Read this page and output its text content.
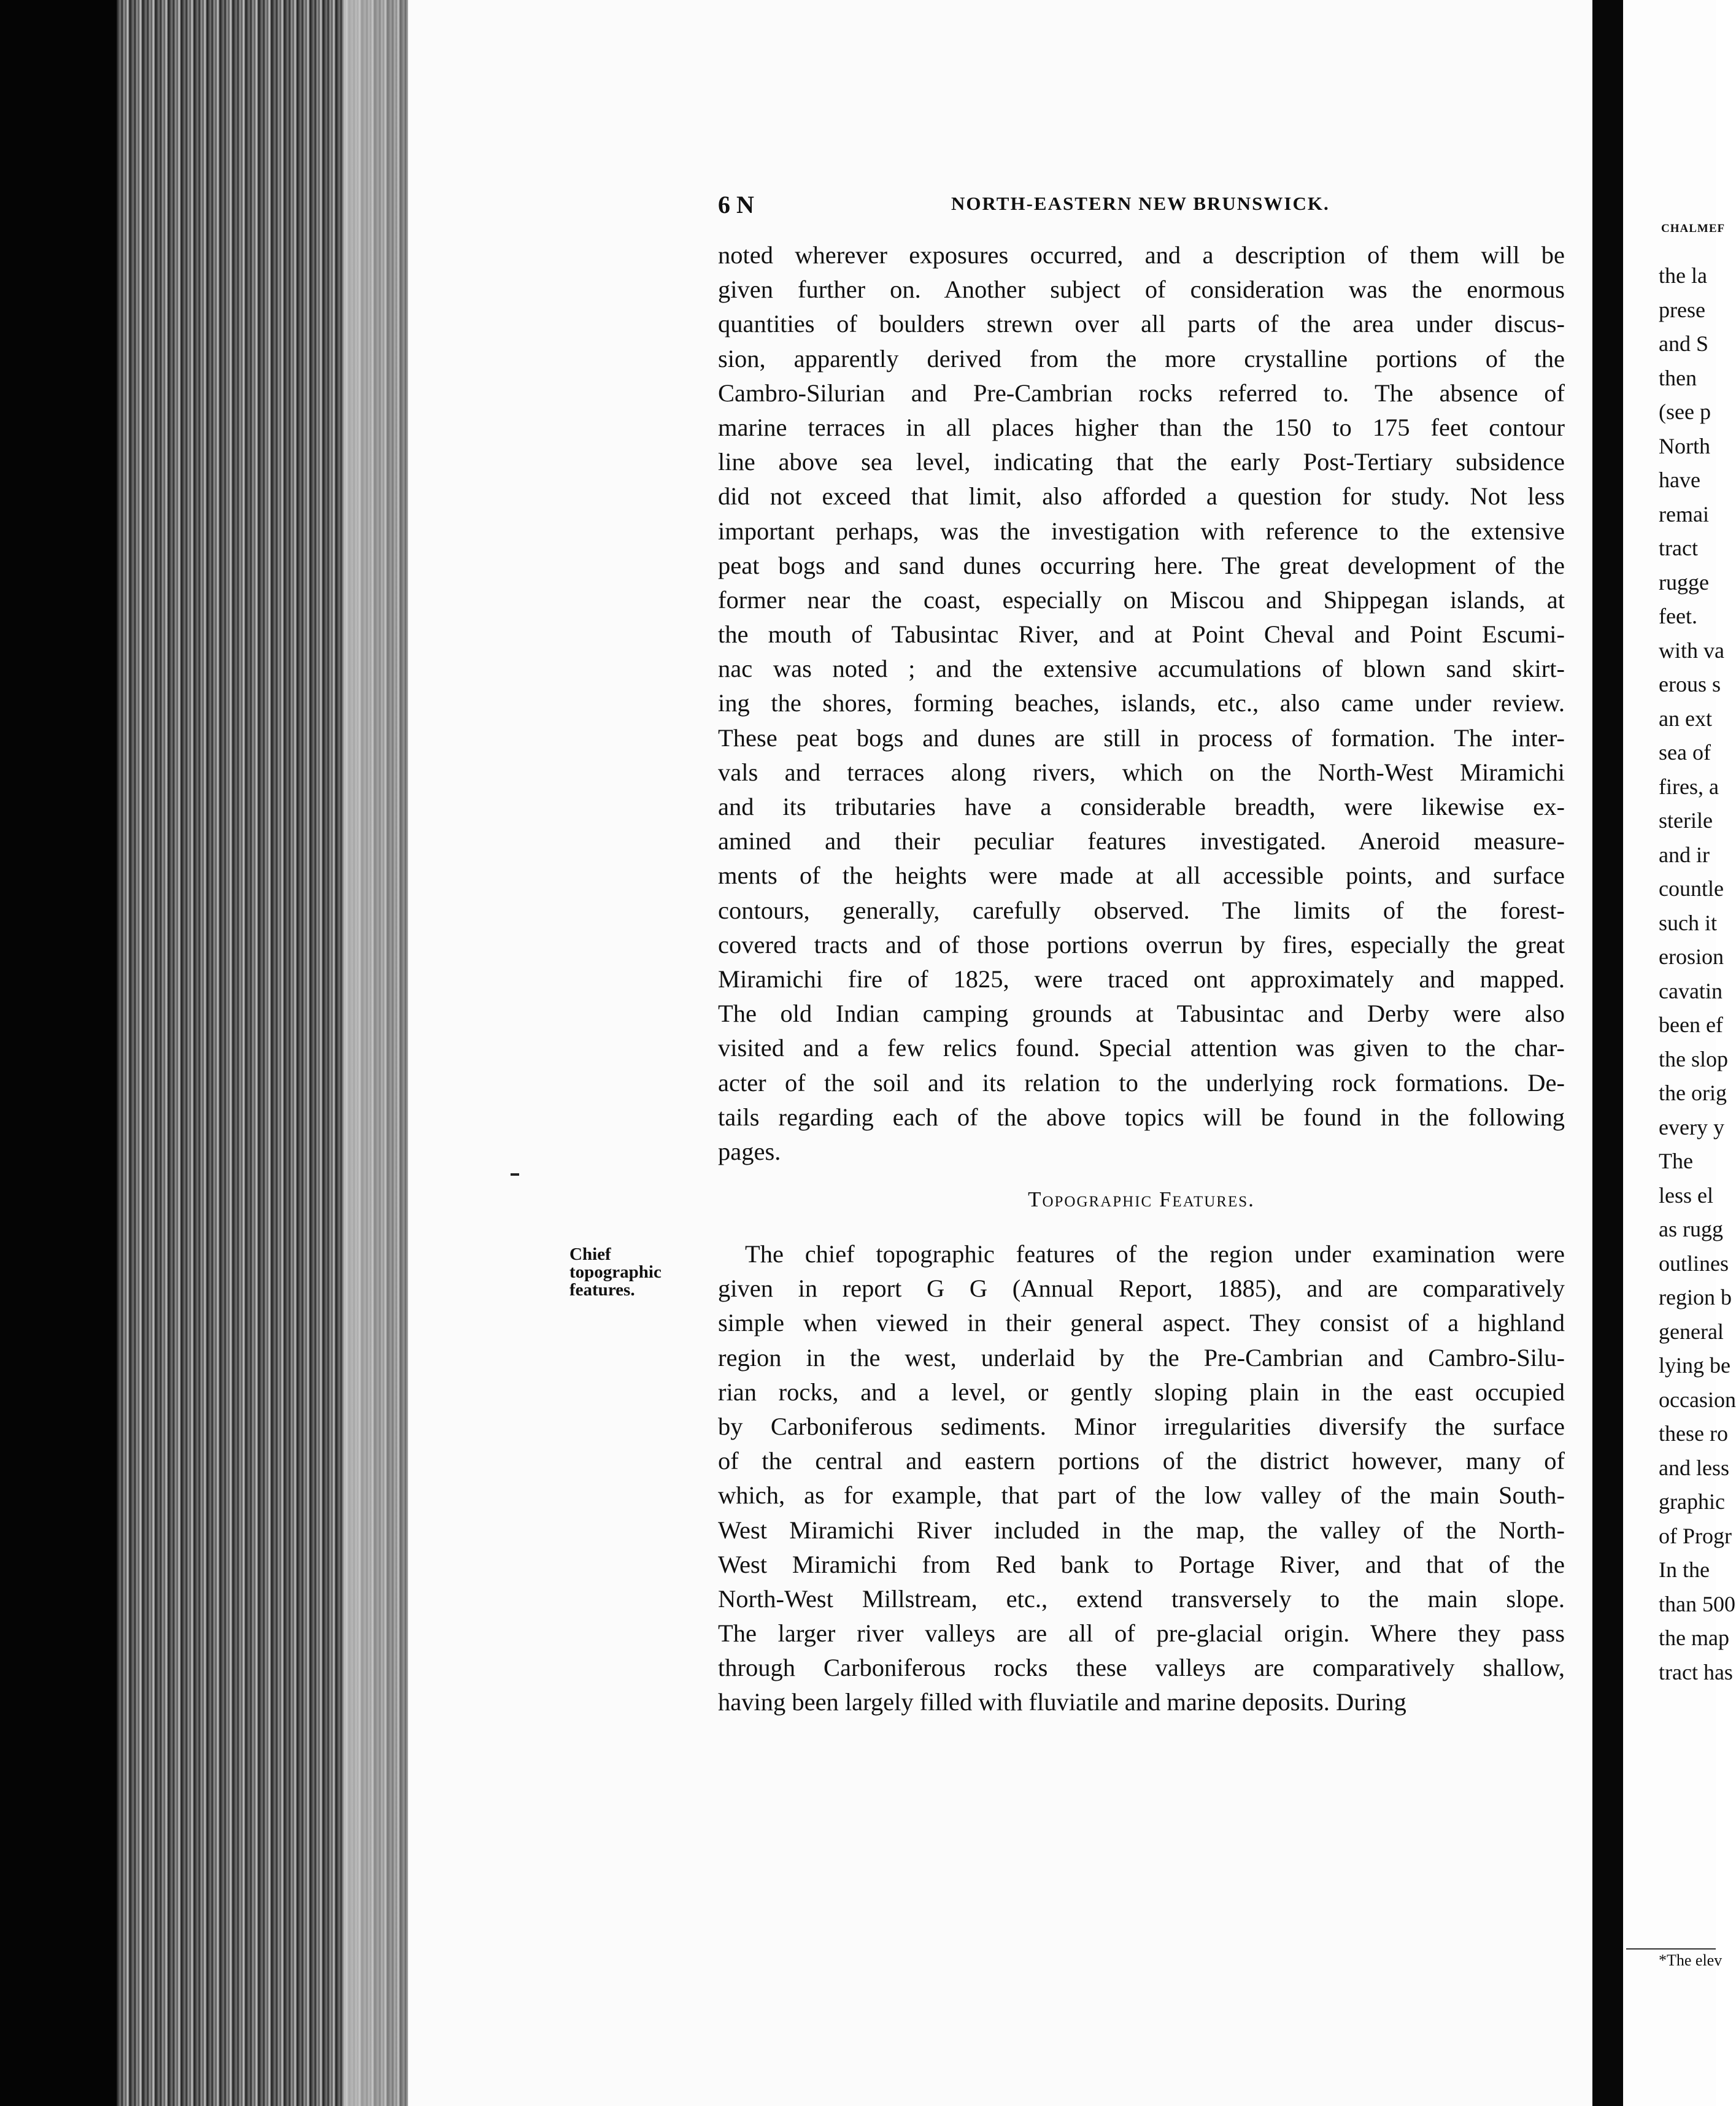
6 N	NORTH-EASTERN NEW BRUNSWICK.
noted wherever exposures occurred, and a description of them will be
given further on. Another subject of consideration was the enormous
quantities of boulders strewn over all parts of the area under discus-
sion, apparently derived from the more crystalline portions of the
Cambro-Silurian and Pre-Cambrian rocks referred to. The absence of
marine terraces in all places higher than the 150 to 175 feet contour
line above sea level, indicating that the early Post-Tertiary subsidence
did not exceed that limit, also afforded a question for study. Not less
important perhaps, was the investigation with reference to the extensive
peat bogs and sand dunes occurring here. The great development of the
former near the coast, especially on Miscou and Shippegan islands, at
the mouth of Tabusintac River, and at Point Cheval and Point Escumi-
nac was noted ; and the extensive accumulations of blown sand skirt-
ing the shores, forming beaches, islands, etc., also came under review.
These peat bogs and dunes are still in process of formation. The inter-
vals and terraces along rivers, which on the North-West Miramichi
and its tributaries have a considerable breadth, were likewise ex-
amined and their peculiar features investigated. Aneroid measure-
ments of the heights were made at all accessible points, and surface
contours, generally, carefully observed. The limits of the forest-
covered tracts and of those portions overrun by fires, especially the great
Miramichi fire of 1825, were traced ont approximately and mapped.
The old Indian camping grounds at Tabusintac and Derby were also
visited and a few relics found. Special attention was given to the char-
acter of the soil and its relation to the underlying rock formations. De-
tails regarding each of the above topics will be found in the following
pages.
Topographic Features.
Chief
topographic
features.
The chief topographic features of the region under examination were
given in report G G (Annual Report, 1885), and are comparatively
simple when viewed in their general aspect. They consist of a highland
region in the west, underlaid by the Pre-Cambrian and Cambro-Silu-
rian rocks, and a level, or gently sloping plain in the east occupied
by Carboniferous sediments. Minor irregularities diversify the surface
of the central and eastern portions of the district however, many of
which, as for example, that part of the low valley of the main South-
West Miramichi River included in the map, the valley of the North-
West Miramichi from Red bank to Portage River, and that of the
North-West Millstream, etc., extend transversely to the main slope.
The larger river valleys are all of pre-glacial origin. Where they pass
through Carboniferous rocks these valleys are comparatively shallow,
having been largely filled with fluviatile and marine deposits. During
CHALMEF
the la
prese
and S
then
(see p
North
have
remai
tract
rugge
feet.
with va
erous s
an ext
sea of
fires, a
sterile
and ir
countle
such it
erosion
cavatin
been ef
the slop
the orig
every y
The
less el
as rugg
outlines
region b
general
lying be
occasion
these ro
and less
graphic
of Progr
In the
than 500
the map
tract has
*The elev
